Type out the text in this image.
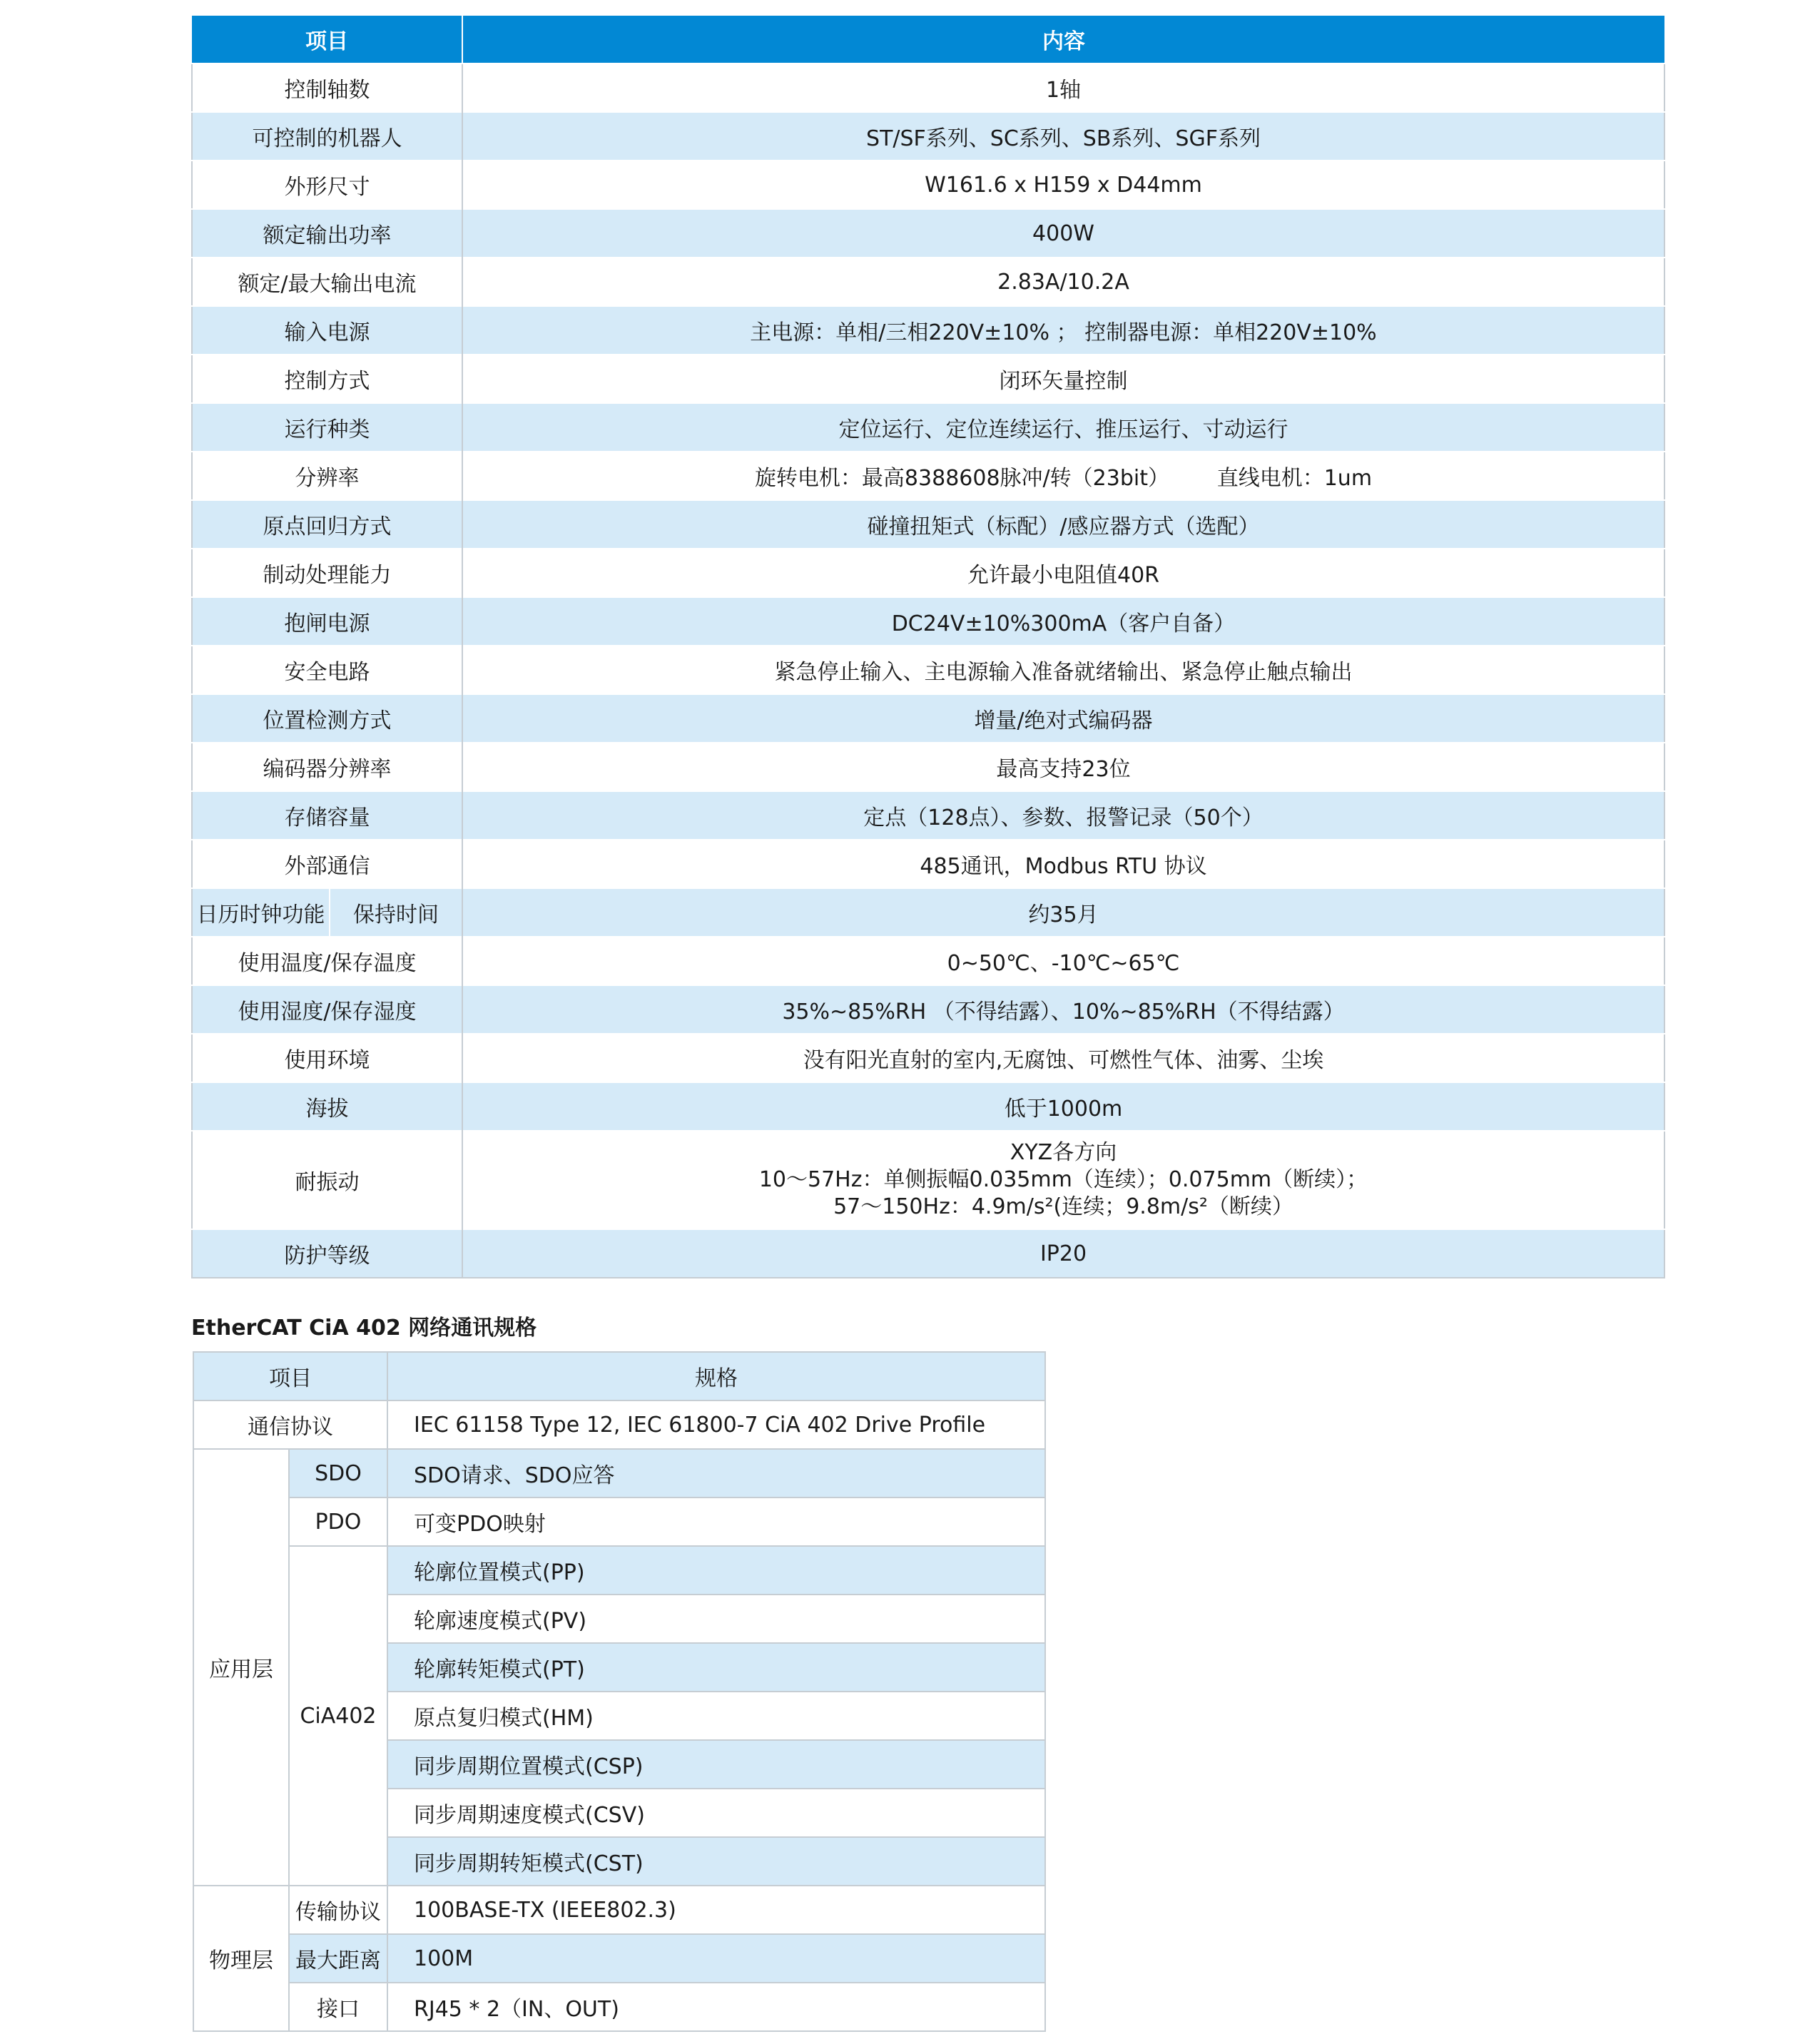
项目		内容
控制轴数		1轴
可控制的机器人		ST/SF系列、SC系列、SB系列、SGF系列
外形尺寸		W161.6 x H159 x D44mm
额定输出功率		400W
额定/最大输出电流		2.83A/10.2A
输入电源		主电源：单相/三相220V±10% ； 控制器电源：单相220V±10%
控制方式		闭环矢量控制
运行种类		定位运行、定位连续运行、推压运行、寸动运行
分辨率		旋转电机：最高8388608脉冲/转（23bit）       直线电机：1um
原点回归方式		碰撞扭矩式（标配）/感应器方式（选配）
制动处理能力		允许最小电阻值40R
抱闸电源		DC24V±10%300mA（客户自备）
安全电路		紧急停止输入、主电源输入准备就绪输出、紧急停止触点输出
位置检测方式		增量/绝对式编码器
编码器分辨率		最高支持23位
存储容量		定点（128点）、参数、报警记录（50个）
外部通信		485通讯，Modbus RTU 协议
日历时钟功能	保持时间	约35月
使用温度/保存温度		0~50℃、-10℃~65℃
使用湿度/保存湿度		35%~85%RH （不得结露）、10%~85%RH（不得结露）
使用环境		没有阳光直射的室内,无腐蚀、可燃性气体、油雾、尘埃
海拔		低于1000m
耐振动		XYZ各方向
10～57Hz：单侧振幅0.035mm（连续）；0.075mm（断续）；
57～150Hz：4.9m/s²(连续；9.8m/s²（断续）

防护等级		IP20
EtherCAT CiA 402 网络通讯规格
项目		规格
通信协议		IEC 61158 Type 12, IEC 61800-7 CiA 402 Drive Profile
应用层	SDO	SDO请求、SDO应答
	PDO	可变PDO映射
	CiA402	轮廓位置模式(PP)
		轮廓速度模式(PV)
		轮廓转矩模式(PT)
		原点复归模式(HM)
		同步周期位置模式(CSP)
		同步周期速度模式(CSV)
		同步周期转矩模式(CST)
物理层	传输协议	100BASE-TX (IEEE802.3)
	最大距离	100M
	接口	RJ45 * 2（IN、OUT)
